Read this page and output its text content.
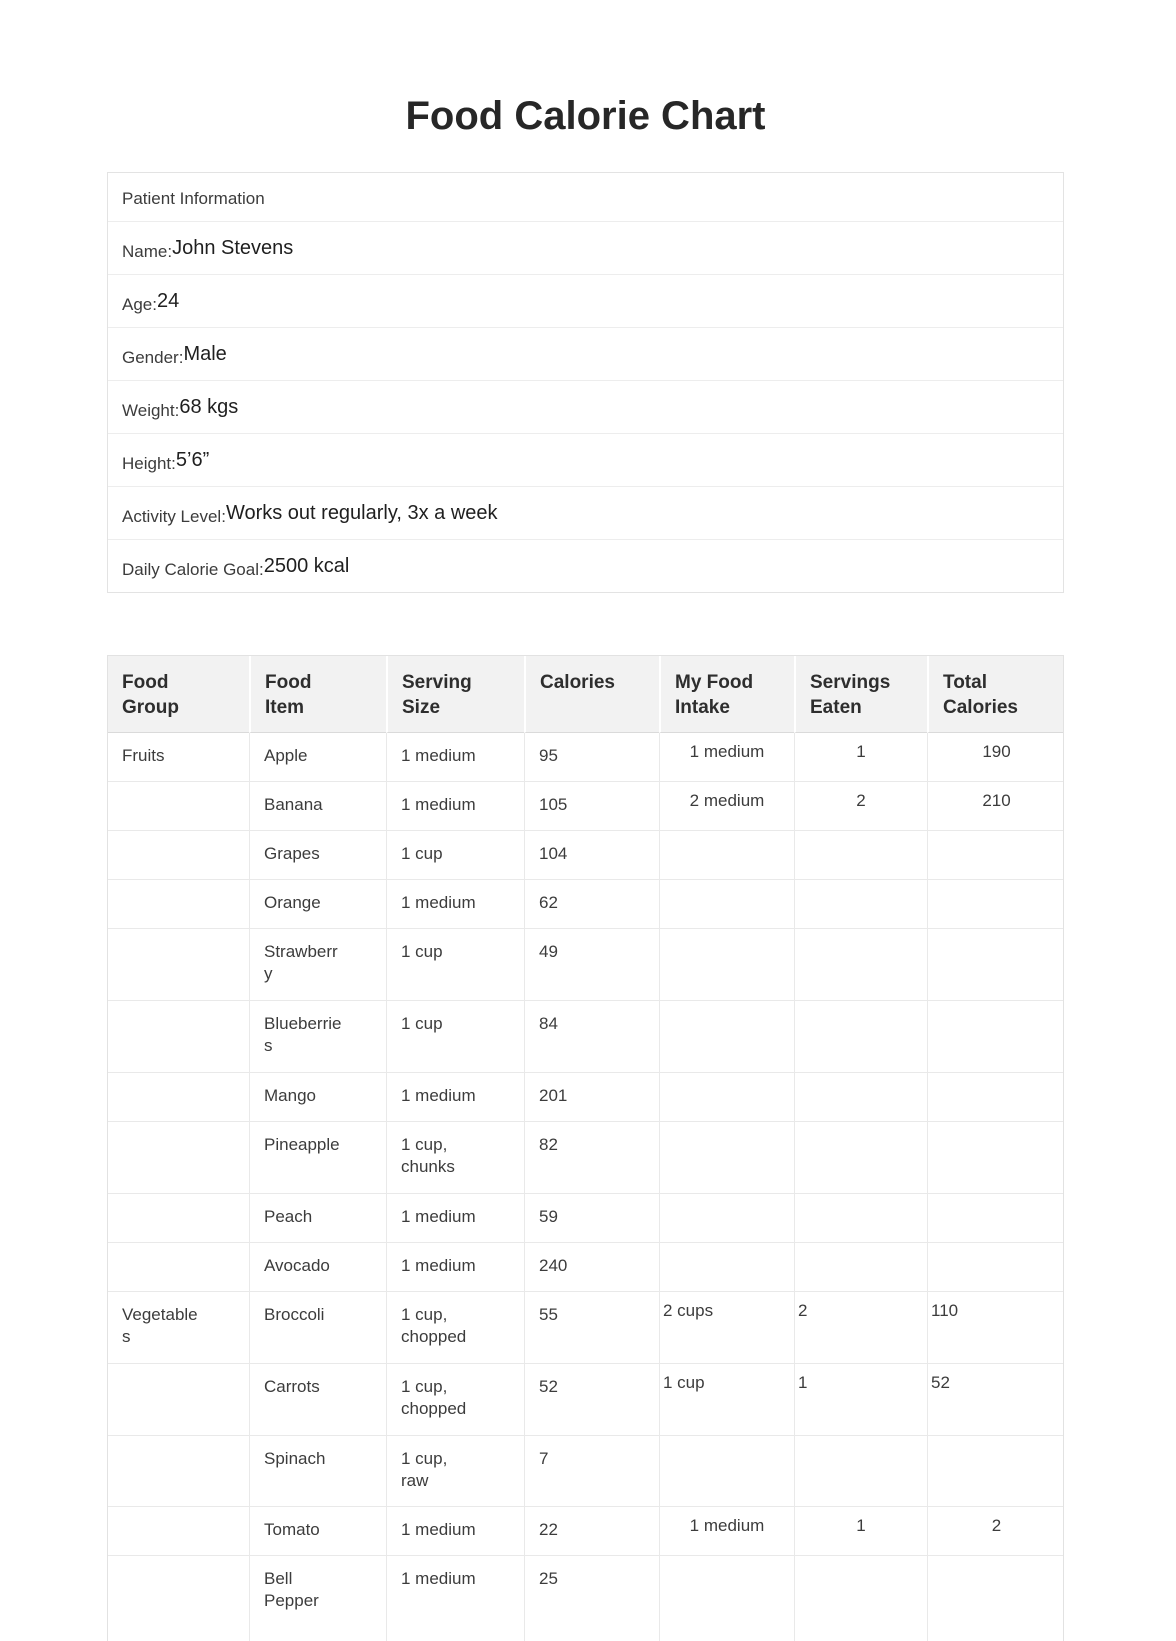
Food Calorie Chart
Patient Information
Name:John Stevens
Age:24
Gender:Male
Weight:68 kgs
Height:5’6”
Activity Level:Works out regularly, 3x a week
Daily Calorie Goal:2500 kcal
Food Group	Food Item	Serving Size	Calories	My Food Intake	Servings Eaten	Total Calories
Fruits	Apple	1 medium	95	1 medium	1	190
	Banana	1 medium	105	2 medium	2	210
	Grapes	1 cup	104			
	Orange	1 medium	62			
	Strawberry	1 cup	49			
	Blueberries	1 cup	84			
	Mango	1 medium	201			
	Pineapple	1 cup, chunks	82			
	Peach	1 medium	59			
	Avocado	1 medium	240			
Vegetables	Broccoli	1 cup, chopped	55	2 cups	2	110
	Carrots	1 cup, chopped	52	1 cup	1	52
	Spinach	1 cup, raw	7			
	Tomato	1 medium	22	1 medium	1	2
	Bell Pepper	1 medium	25			
